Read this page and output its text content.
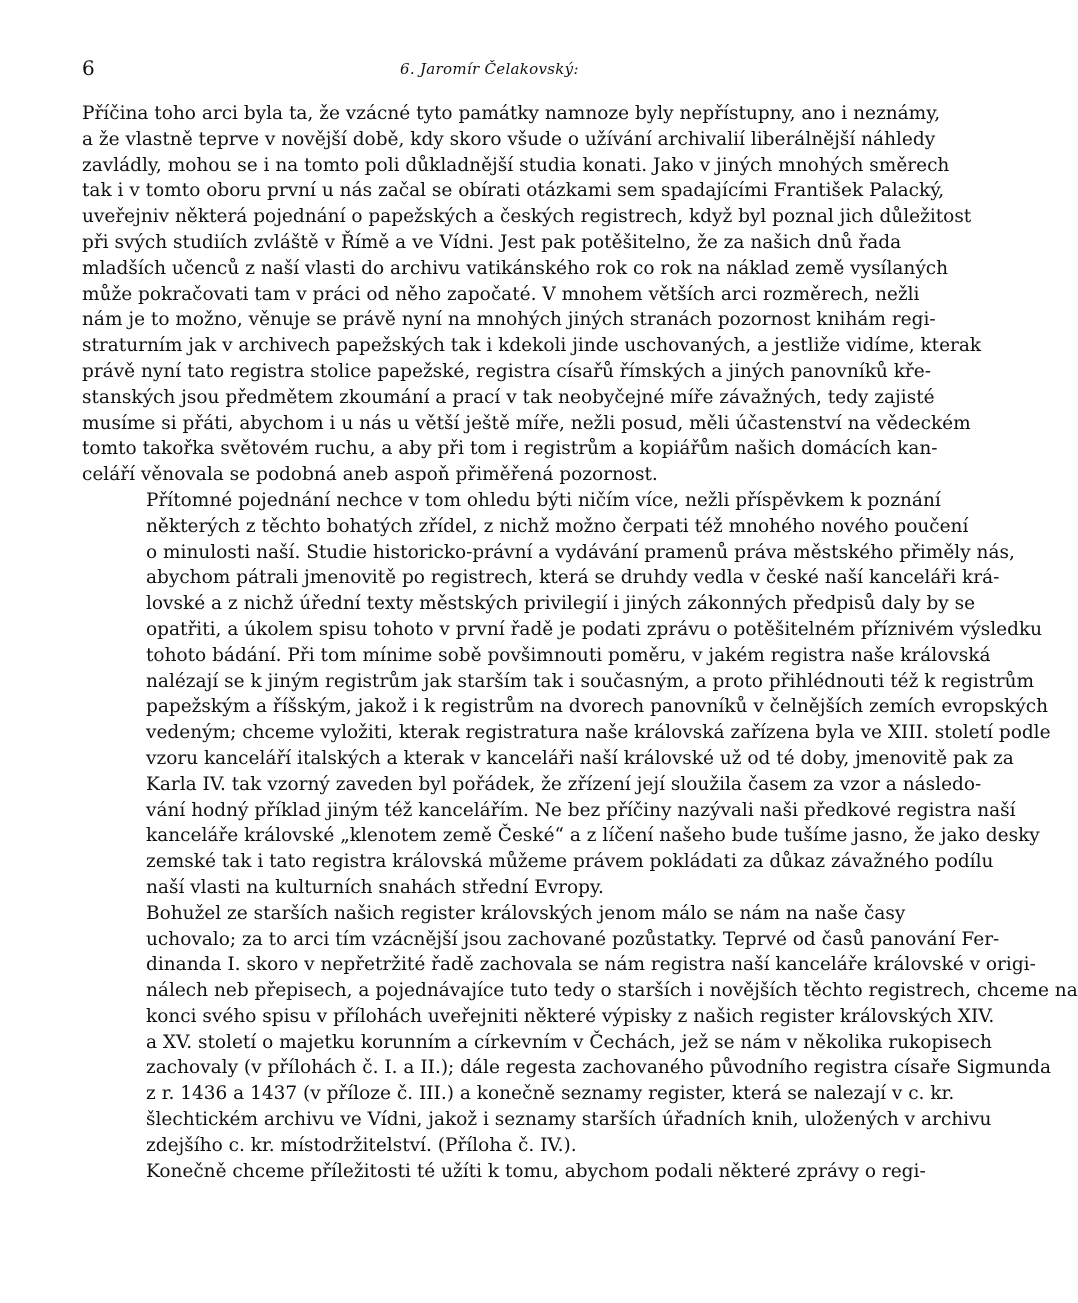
6	6. Jaromír Čelakovský:

Příčina toho arci byla ta, že vzácné tyto památky namnoze byly nepřístupny, ano i neznámy,
a že vlastně teprve v novější době, kdy skoro všude o užívání archivalií liberálnější náhledy
zavládly, mohou se i na tomto poli důkladnější studia konati. Jako v jiných mnohých směrech
tak i v tomto oboru první u nás začal se obírati otázkami sem spadajícími František Palacký,
uveřejniv některá pojednání o papežských a českých registrech, když byl poznal jich důležitost
při svých studiích zvláště v Římě a ve Vídni. Jest pak potěšitelno, že za našich dnů řada
mladších učenců z naší vlasti do archivu vatikánského rok co rok na náklad země vysílaných
může pokračovati tam v práci od něho započaté. V mnohem větších arci rozměrech, nežli
nám je to možno, věnuje se právě nyní na mnohých jiných stranách pozornost knihám regi-
straturním jak v archivech papežských tak i kdekoli jinde uschovaných, a jestliže vidíme, kterak
právě nyní tato registra stolice papežské, registra císařů římských a jiných panovníků kře-
stanských jsou předmětem zkoumání a prací v tak neobyčejné míře závažných, tedy zajisté
musíme si přáti, abychom i u nás u větší ještě míře, nežli posud, měli účastenství na vědeckém
tomto takořka světovém ruchu, a aby při tom i registrům a kopiářům našich domácích kan-
celáří věnovala se podobná aneb aspoň přiměřená pozornost.

Přítomné pojednání nechce v tom ohledu býti ničím více, nežli příspěvkem k poznání
některých z těchto bohatých zřídel, z nichž možno čerpati též mnohého nového poučení
o minulosti naší. Studie historicko-právní a vydávání pramenů práva městského přiměly nás,
abychom pátrali jmenovitě po registrech, která se druhdy vedla v české naší kanceláři krá-
lovské a z nichž úřední texty městských privilegií i jiných zákonných předpisů daly by se
opatřiti, a úkolem spisu tohoto v první řadě je podati zprávu o potěšitelném příznivém výsledku
tohoto bádání. Při tom mínime sobě povšimnouti poměru, v jakém registra naše královská
nalézají se k jiným registrům jak starším tak i současným, a proto přihlédnouti též k registrům
papežským a říšským, jakož i k registrům na dvorech panovníků v čelnějších zemích evropských
vedeným; chceme vyložiti, kterak registratura naše královská zařízena byla ve XIII. století podle
vzoru kanceláří italských a kterak v kanceláři naší královské už od té doby, jmenovitě pak za
Karla IV. tak vzorný zaveden byl pořádek, že zřízení její sloužila časem za vzor a následo-
vání hodný příklad jiným též kancelářím. Ne bez příčiny nazývali naši předkové registra naší
kanceláře královské „klenotem země České“ a z líčení našeho bude tušíme jasno, že jako desky
zemské tak i tato registra královská můžeme právem pokládati za důkaz závažného podílu
naší vlasti na kulturních snahách střední Evropy.

Bohužel ze starších našich register královských jenom málo se nám na naše časy
uchovalo; za to arci tím vzácnější jsou zachované pozůstatky. Teprvé od časů panování Fer-
dinanda I. skoro v nepřetržité řadě zachovala se nám registra naší kanceláře královské v origi-
nálech neb přepisech, a pojednávajíce tuto tedy o starších i novějších těchto registrech, chceme na
konci svého spisu v přílohách uveřejniti některé výpisky z našich register královských XIV.
a XV. století o majetku korunním a církevním v Čechách, jež se nám v několika rukopisech
zachovaly (v přílohách č. I. a II.); dále regesta zachovaného původního registra císaře Sigmunda
z r. 1436 a 1437 (v příloze č. III.) a konečně seznamy register, která se nalezají v c. kr.
šlechtickém archivu ve Vídni, jakož i seznamy starších úřadních knih, uložených v archivu
zdejšího c. kr. místodržitelství. (Příloha č. IV.).

Konečně chceme příležitosti té užíti k tomu, abychom podali některé zprávy o regi-
